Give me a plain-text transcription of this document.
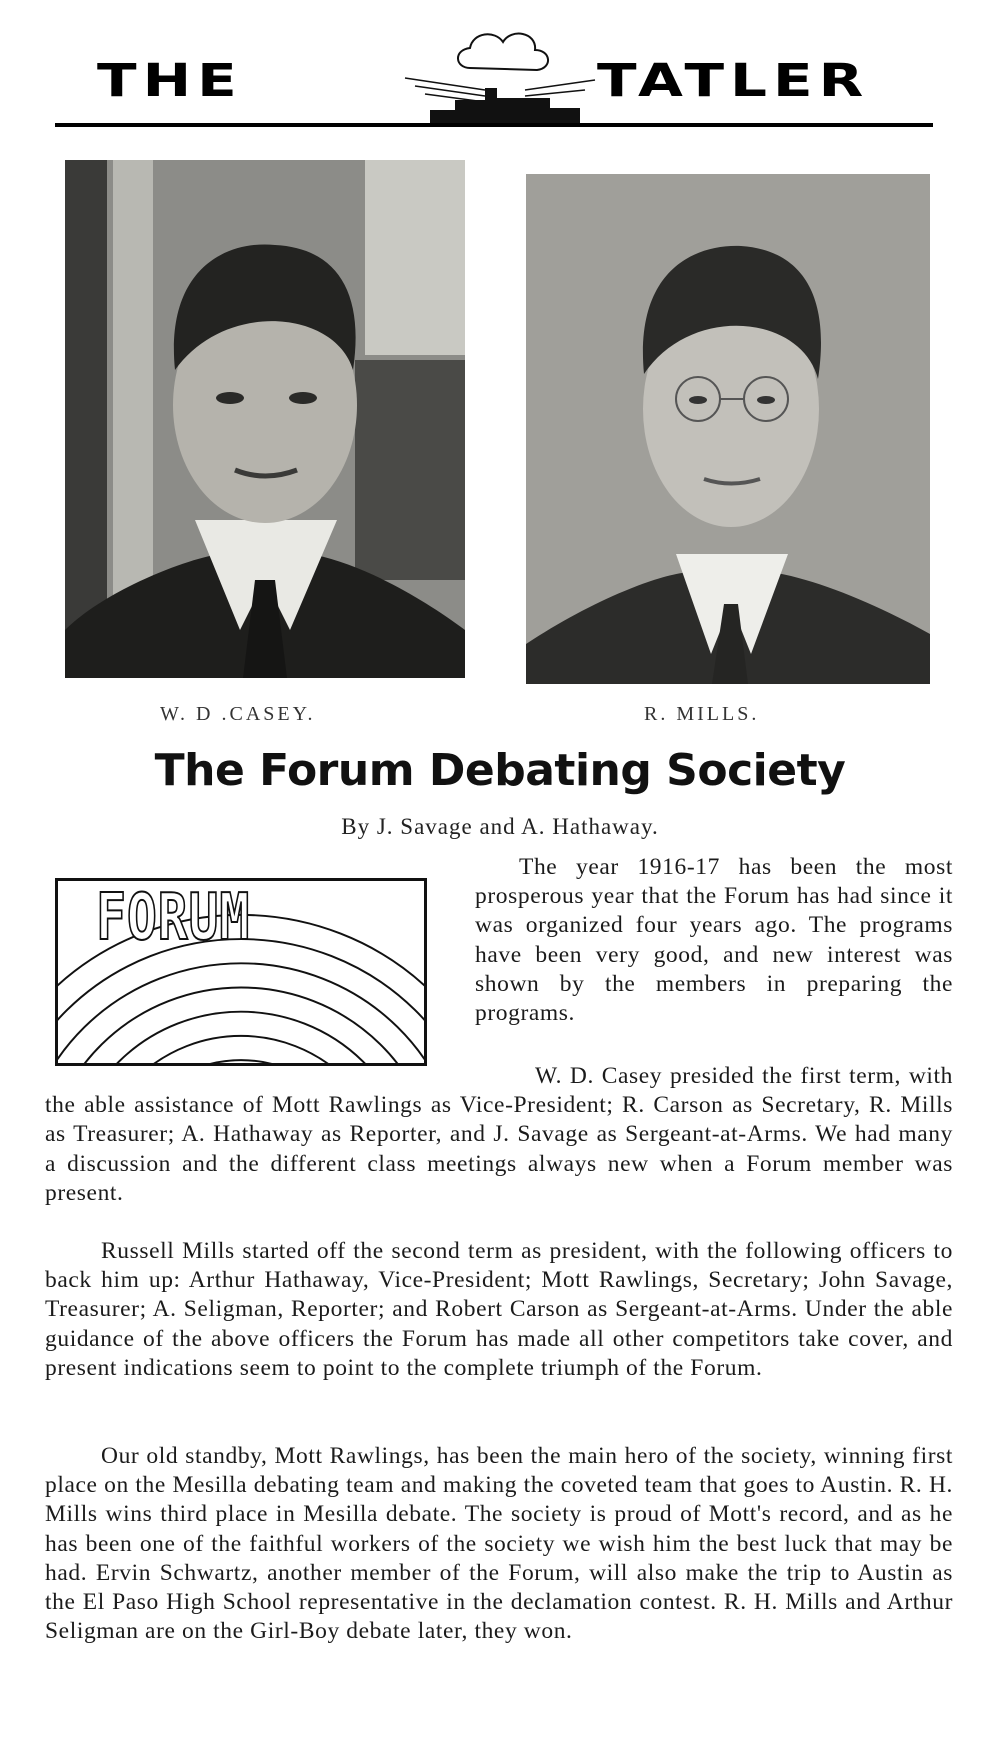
THE	TATLER
W. D .CASEY.	R. MILLS.
The Forum Debating Society
By J. Savage and A. Hathaway.
FORUM

The year 1916-17 has been the most prosperous year that the Forum has had since it was organized four years ago. The programs have been very good, and new interest was shown by the members in preparing the programs.

W. D. Casey presided the first term, with the able assistance of Mott Rawlings as Vice-President; R. Carson as Secretary, R. Mills as Treasurer; A. Hathaway as Reporter, and J. Savage as Sergeant-at-Arms. We had many a discussion and the different class meetings always new when a Forum member was present.

Russell Mills started off the second term as president, with the following officers to back him up: Arthur Hathaway, Vice-President; Mott Rawlings, Secretary; John Savage, Treasurer; A. Seligman, Reporter; and Robert Carson as Sergeant-at-Arms. Under the able guidance of the above officers the Forum has made all other competitors take cover, and present indications seem to point to the complete triumph of the Forum.

Our old standby, Mott Rawlings, has been the main hero of the society, winning first place on the Mesilla debating team and making the coveted team that goes to Austin. R. H. Mills wins third place in Mesilla debate. The society is proud of Mott's record, and as he has been one of the faithful workers of the society we wish him the best luck that may be had. Ervin Schwartz, another member of the Forum, will also make the trip to Austin as the El Paso High School representative in the declamation contest. R. H. Mills and Arthur Seligman are on the Girl-Boy debate later, they won.
